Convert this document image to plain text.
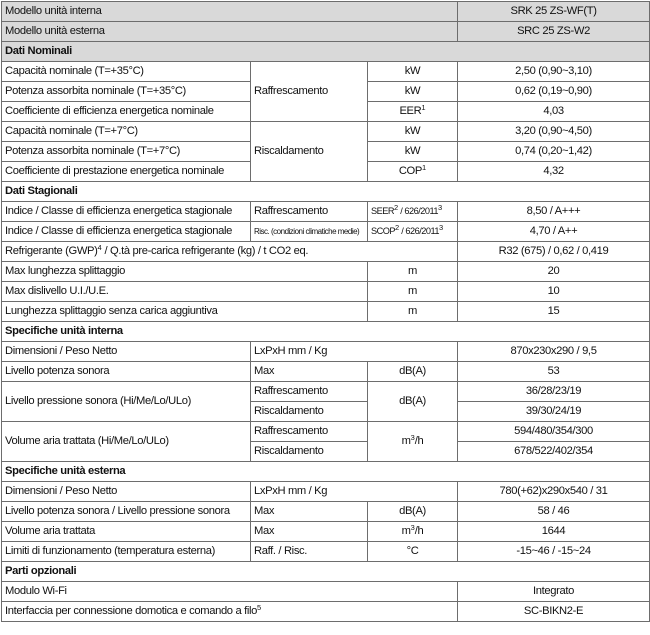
Modello unità interna			SRK 25 ZS-WF(T)
Modello unità esterna			SRC 25 ZS-W2
Dati Nominali			
Capacità nominale (T=+35°C)	Raffrescamento	kW	2,50 (0,90~3,10)
Potenza assorbita nominale (T=+35°C)		kW	0,62 (0,19~0,90)
Coefficiente di efficienza energetica nominale		EER$^1$	4,03
Capacità nominale (T=+7°C)	Riscaldamento	kW	3,20 (0,90~4,50)
Potenza assorbita nominale (T=+7°C)		kW	0,74 (0,20~1,42)
Coefficiente di prestazione energetica nominale		COP$^1$	4,32
Dati Stagionali			
Indice / Classe di efficienza energetica stagionale	Raffrescamento	SEER$^2$ / 626/2011$^3$	8,50 / A+++
Indice / Classe di efficienza energetica stagionale	Risc. (condizioni climatiche medie)	SCOP$^2$ / 626/2011$^3$	4,70 / A++
Refrigerante (GWP)$^4$ / Q.tà pre-carica refrigerante (kg) / t CO2 eq.			R32 (675) / 0,62 / 0,419
Max lunghezza splittaggio		m	20
Max dislivello U.I./U.E.		m	10
Lunghezza splittaggio senza carica aggiuntiva		m	15
Specifiche unità interna			
Dimensioni / Peso Netto	LxPxH mm / Kg		870x230x290 / 9,5
Livello potenza sonora	Max	dB(A)	53
Livello pressione sonora (Hi/Me/Lo/ULo)	Raffrescamento	dB(A)	36/28/23/19
	Riscaldamento		39/30/24/19
Volume aria trattata (Hi/Me/Lo/ULo)	Raffrescamento	$m^3/h$	594/480/354/300
	Riscaldamento		678/522/402/354
Specifiche unità esterna			
Dimensioni / Peso Netto	LxPxH mm / Kg		780(+62)x290x540 / 31
Livello potenza sonora / Livello pressione sonora	Max	dB(A)	58 / 46
Volume aria trattata	Max	$m^3/h$	1644
Limiti di funzionamento (temperatura esterna)	Raff. / Risc.	°C	-15~46 / -15~24
Parti opzionali			
Modulo Wi-Fi			Integrato
Interfaccia per connessione domotica e comando a filo$^5$			SC-BIKN2-E
